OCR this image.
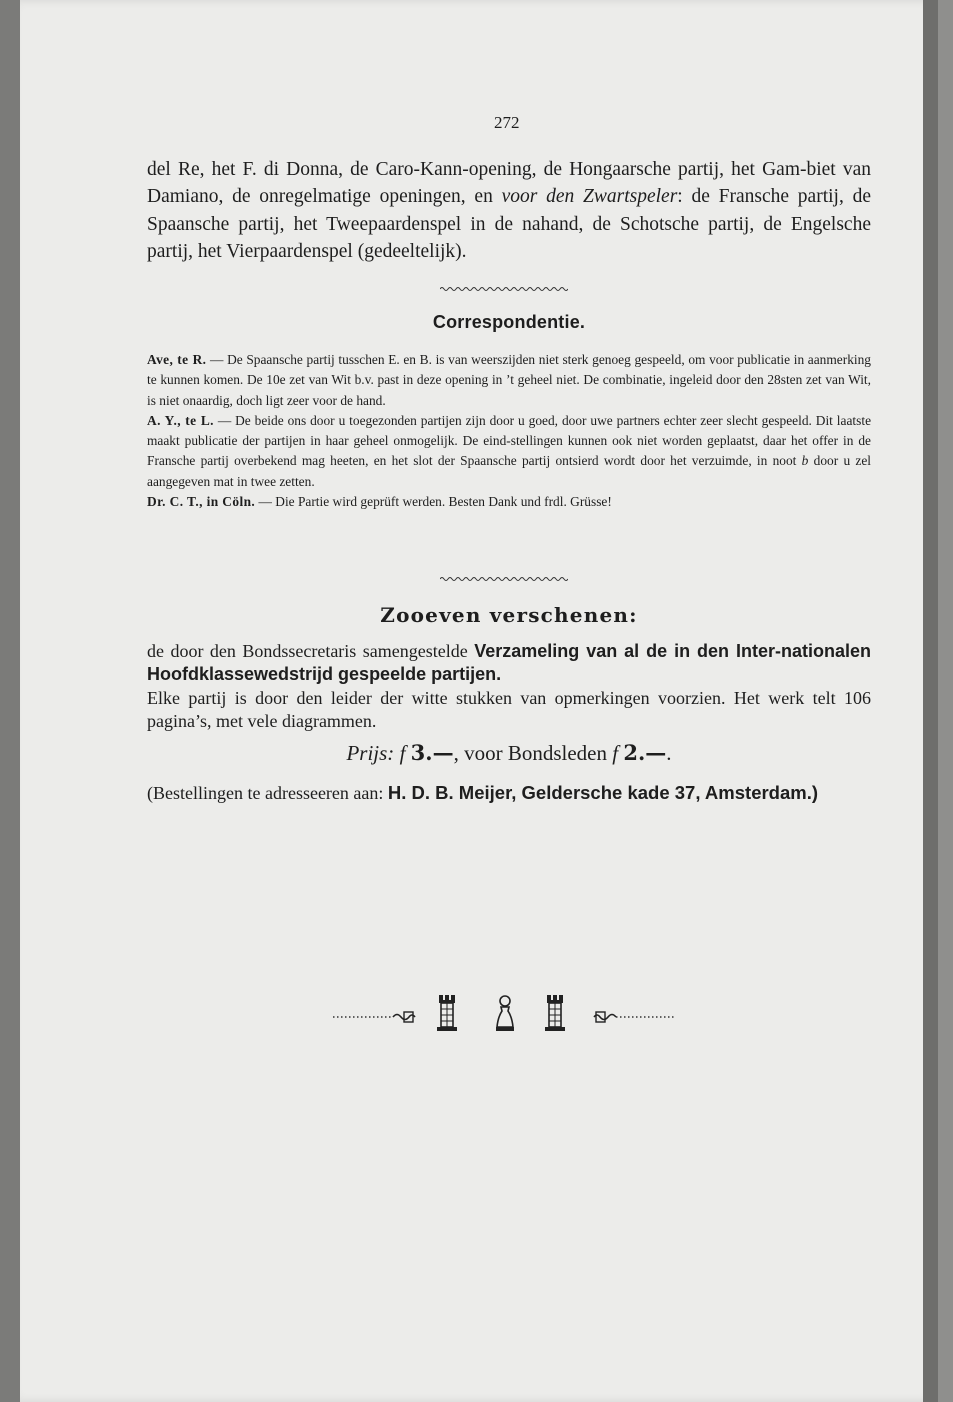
272

del Re, het F. di Donna, de Caro-Kann-opening, de Hongaarsche partij, het Gam-biet van Damiano, de onregelmatige openingen, en voor den Zwartspeler: de Fransche partij, de Spaansche partij, het Tweepaardenspel in de nahand, de Schotsche partij, de Engelsche partij, het Vierpaardenspel (gedeeltelijk).

Correspondentie.

Ave, te R. — De Spaansche partij tusschen E. en B. is van weerszijden niet sterk genoeg gespeeld, om voor publicatie in aanmerking te kunnen komen. De 10e zet van Wit b.v. past in deze opening in ’t geheel niet. De combinatie, ingeleid door den 28sten zet van Wit, is niet onaardig, doch ligt zeer voor de hand.

A. Y., te L. — De beide ons door u toegezonden partijen zijn door u goed, door uwe partners echter zeer slecht gespeeld. Dit laatste maakt publicatie der partijen in haar geheel onmogelijk. De eind-stellingen kunnen ook niet worden geplaatst, daar het offer in de Fransche partij overbekend mag heeten, en het slot der Spaansche partij ontsierd wordt door het verzuimde, in noot b door u zel aangegeven mat in twee zetten.

Dr. C. T., in Cöln. — Die Partie wird geprüft werden. Besten Dank und frdl. Grüsse!

Zooeven verschenen:

de door den Bondssecretaris samengestelde Verzameling van al de in den Inter-nationalen Hoofdklassewedstrijd gespeelde partijen.

Elke partij is door den leider der witte stukken van opmerkingen voorzien. Het werk telt 106 pagina’s, met vele diagrammen.

Prijs: f 3.—, voor Bondsleden f 2.—.

(Bestellingen te adresseeren aan: H. D. B. Meijer, Geldersche kade 37, Amsterdam.)
